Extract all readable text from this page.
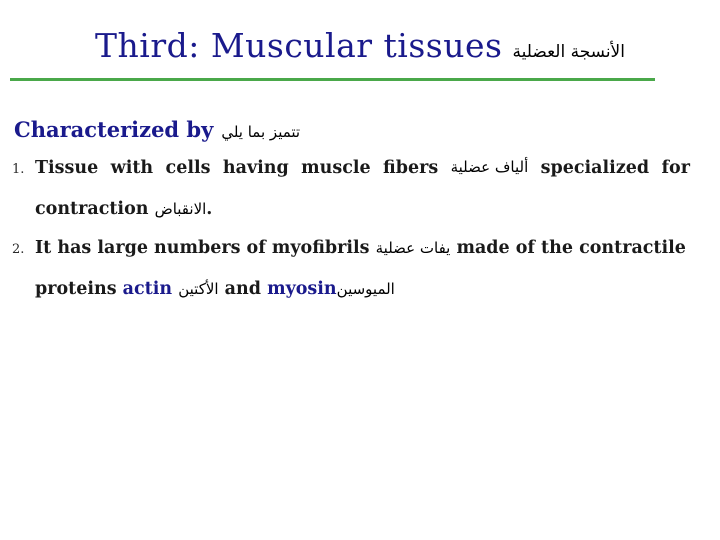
Third: Muscular tissues الأنسجة العضلية
Characterized by تتميز بما يلي
1. Tissue with cells having muscle fibers ألياف عضلية specialized for
contraction الانقباض.
2. It has large numbers of myofibrils يفات عضلية made of the contractile
proteins actin الأكتين and myosinالميوسين
